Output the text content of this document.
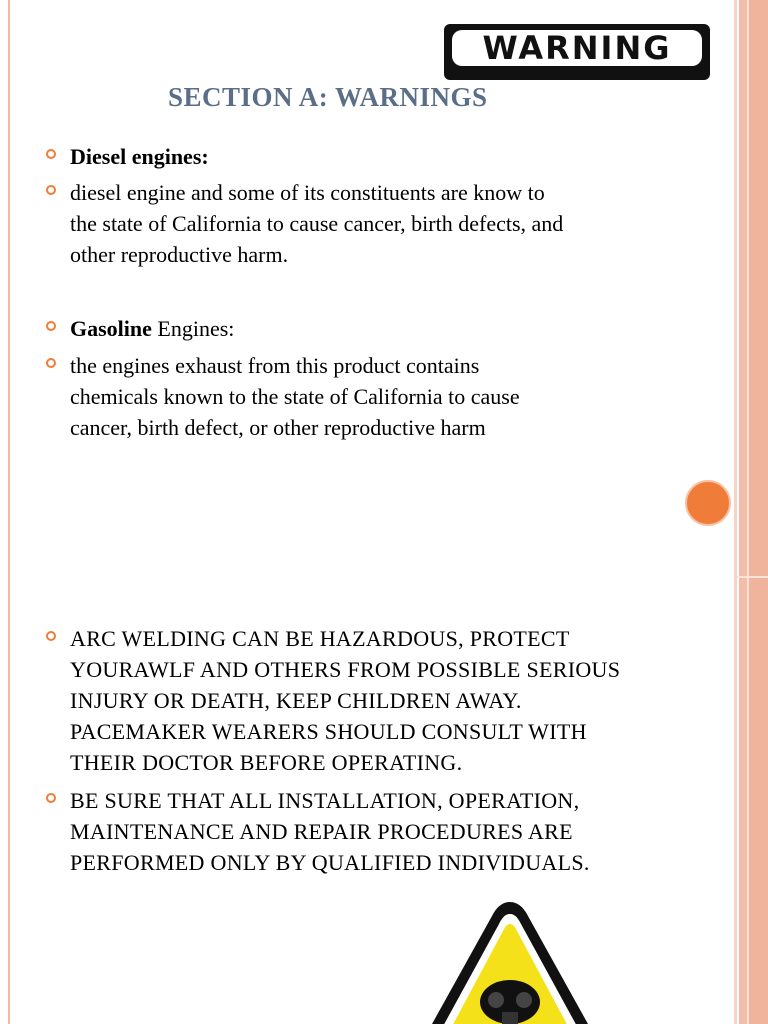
WARNING
SECTION A: WARNINGS
Diesel engines:
diesel engine and some of its constituents are know to
the state of California to cause cancer, birth defects, and
other reproductive harm.
Gasoline Engines:
the engines exhaust from this product contains
chemicals known to the state of California to cause
cancer, birth defect, or other reproductive harm
ARC WELDING CAN BE HAZARDOUS, PROTECT
YOURAWLF AND OTHERS FROM POSSIBLE SERIOUS
INJURY OR DEATH, KEEP CHILDREN AWAY.
PACEMAKER WEARERS SHOULD CONSULT WITH
THEIR DOCTOR BEFORE OPERATING.
BE SURE THAT ALL INSTALLATION, OPERATION,
MAINTENANCE AND REPAIR PROCEDURES ARE
PERFORMED ONLY BY QUALIFIED INDIVIDUALS.
